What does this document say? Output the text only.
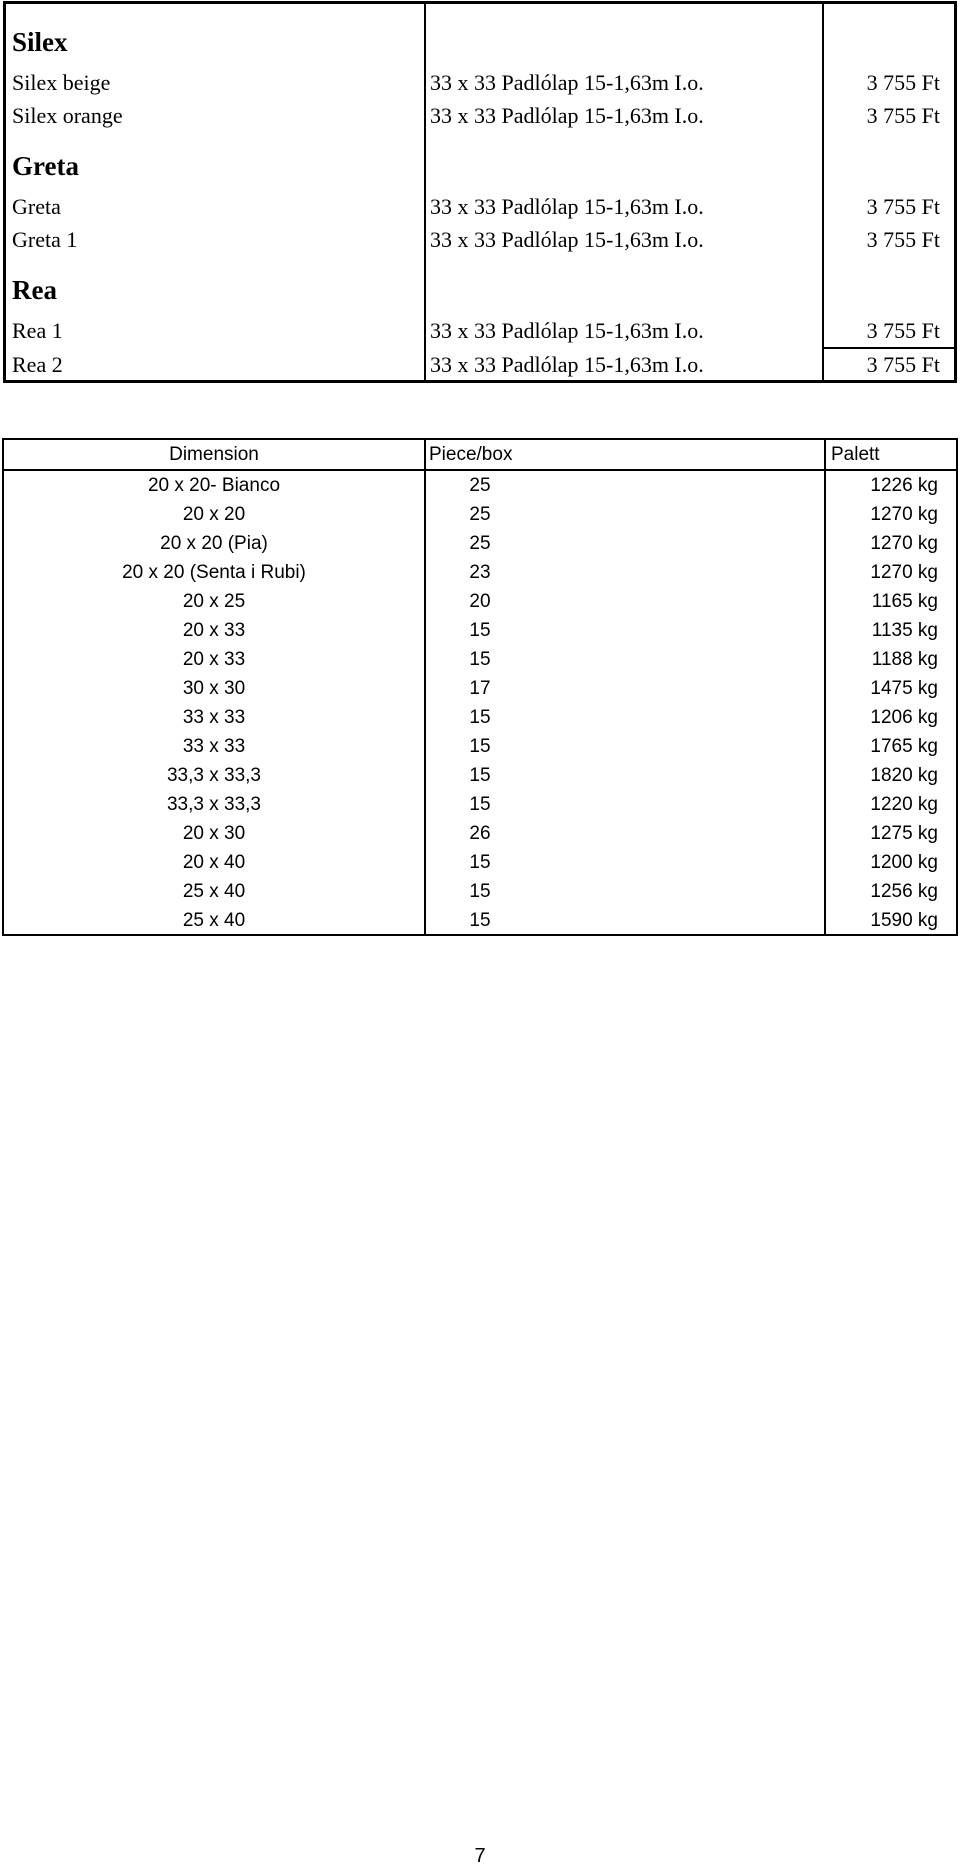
Silex
Silex beige	33 x 33 Padlólap 15-1,63m I.o.	3 755 Ft
Silex orange	33 x 33 Padlólap 15-1,63m I.o.	3 755 Ft
Greta
Greta	33 x 33 Padlólap 15-1,63m I.o.	3 755 Ft
Greta 1	33 x 33 Padlólap 15-1,63m I.o.	3 755 Ft
Rea
Rea 1	33 x 33 Padlólap 15-1,63m I.o.	3 755 Ft
Rea 2	33 x 33 Padlólap 15-1,63m I.o.	3 755 Ft
Dimension	Piece/box	Palett
20 x 20- Bianco	25	1226 kg
20 x 20	25	1270 kg
20 x 20 (Pia)	25	1270 kg
20 x 20 (Senta i Rubi)	23	1270 kg
20 x 25	20	1165 kg
20 x 33	15	1135 kg
20 x 33	15	1188 kg
30 x 30	17	1475 kg
33 x 33	15	1206 kg
33 x 33	15	1765 kg
33,3 x 33,3	15	1820 kg
33,3 x 33,3	15	1220 kg
20 x 30	26	1275 kg
20 x 40	15	1200 kg
25 x 40	15	1256 kg
25 x 40	15	1590 kg
7
